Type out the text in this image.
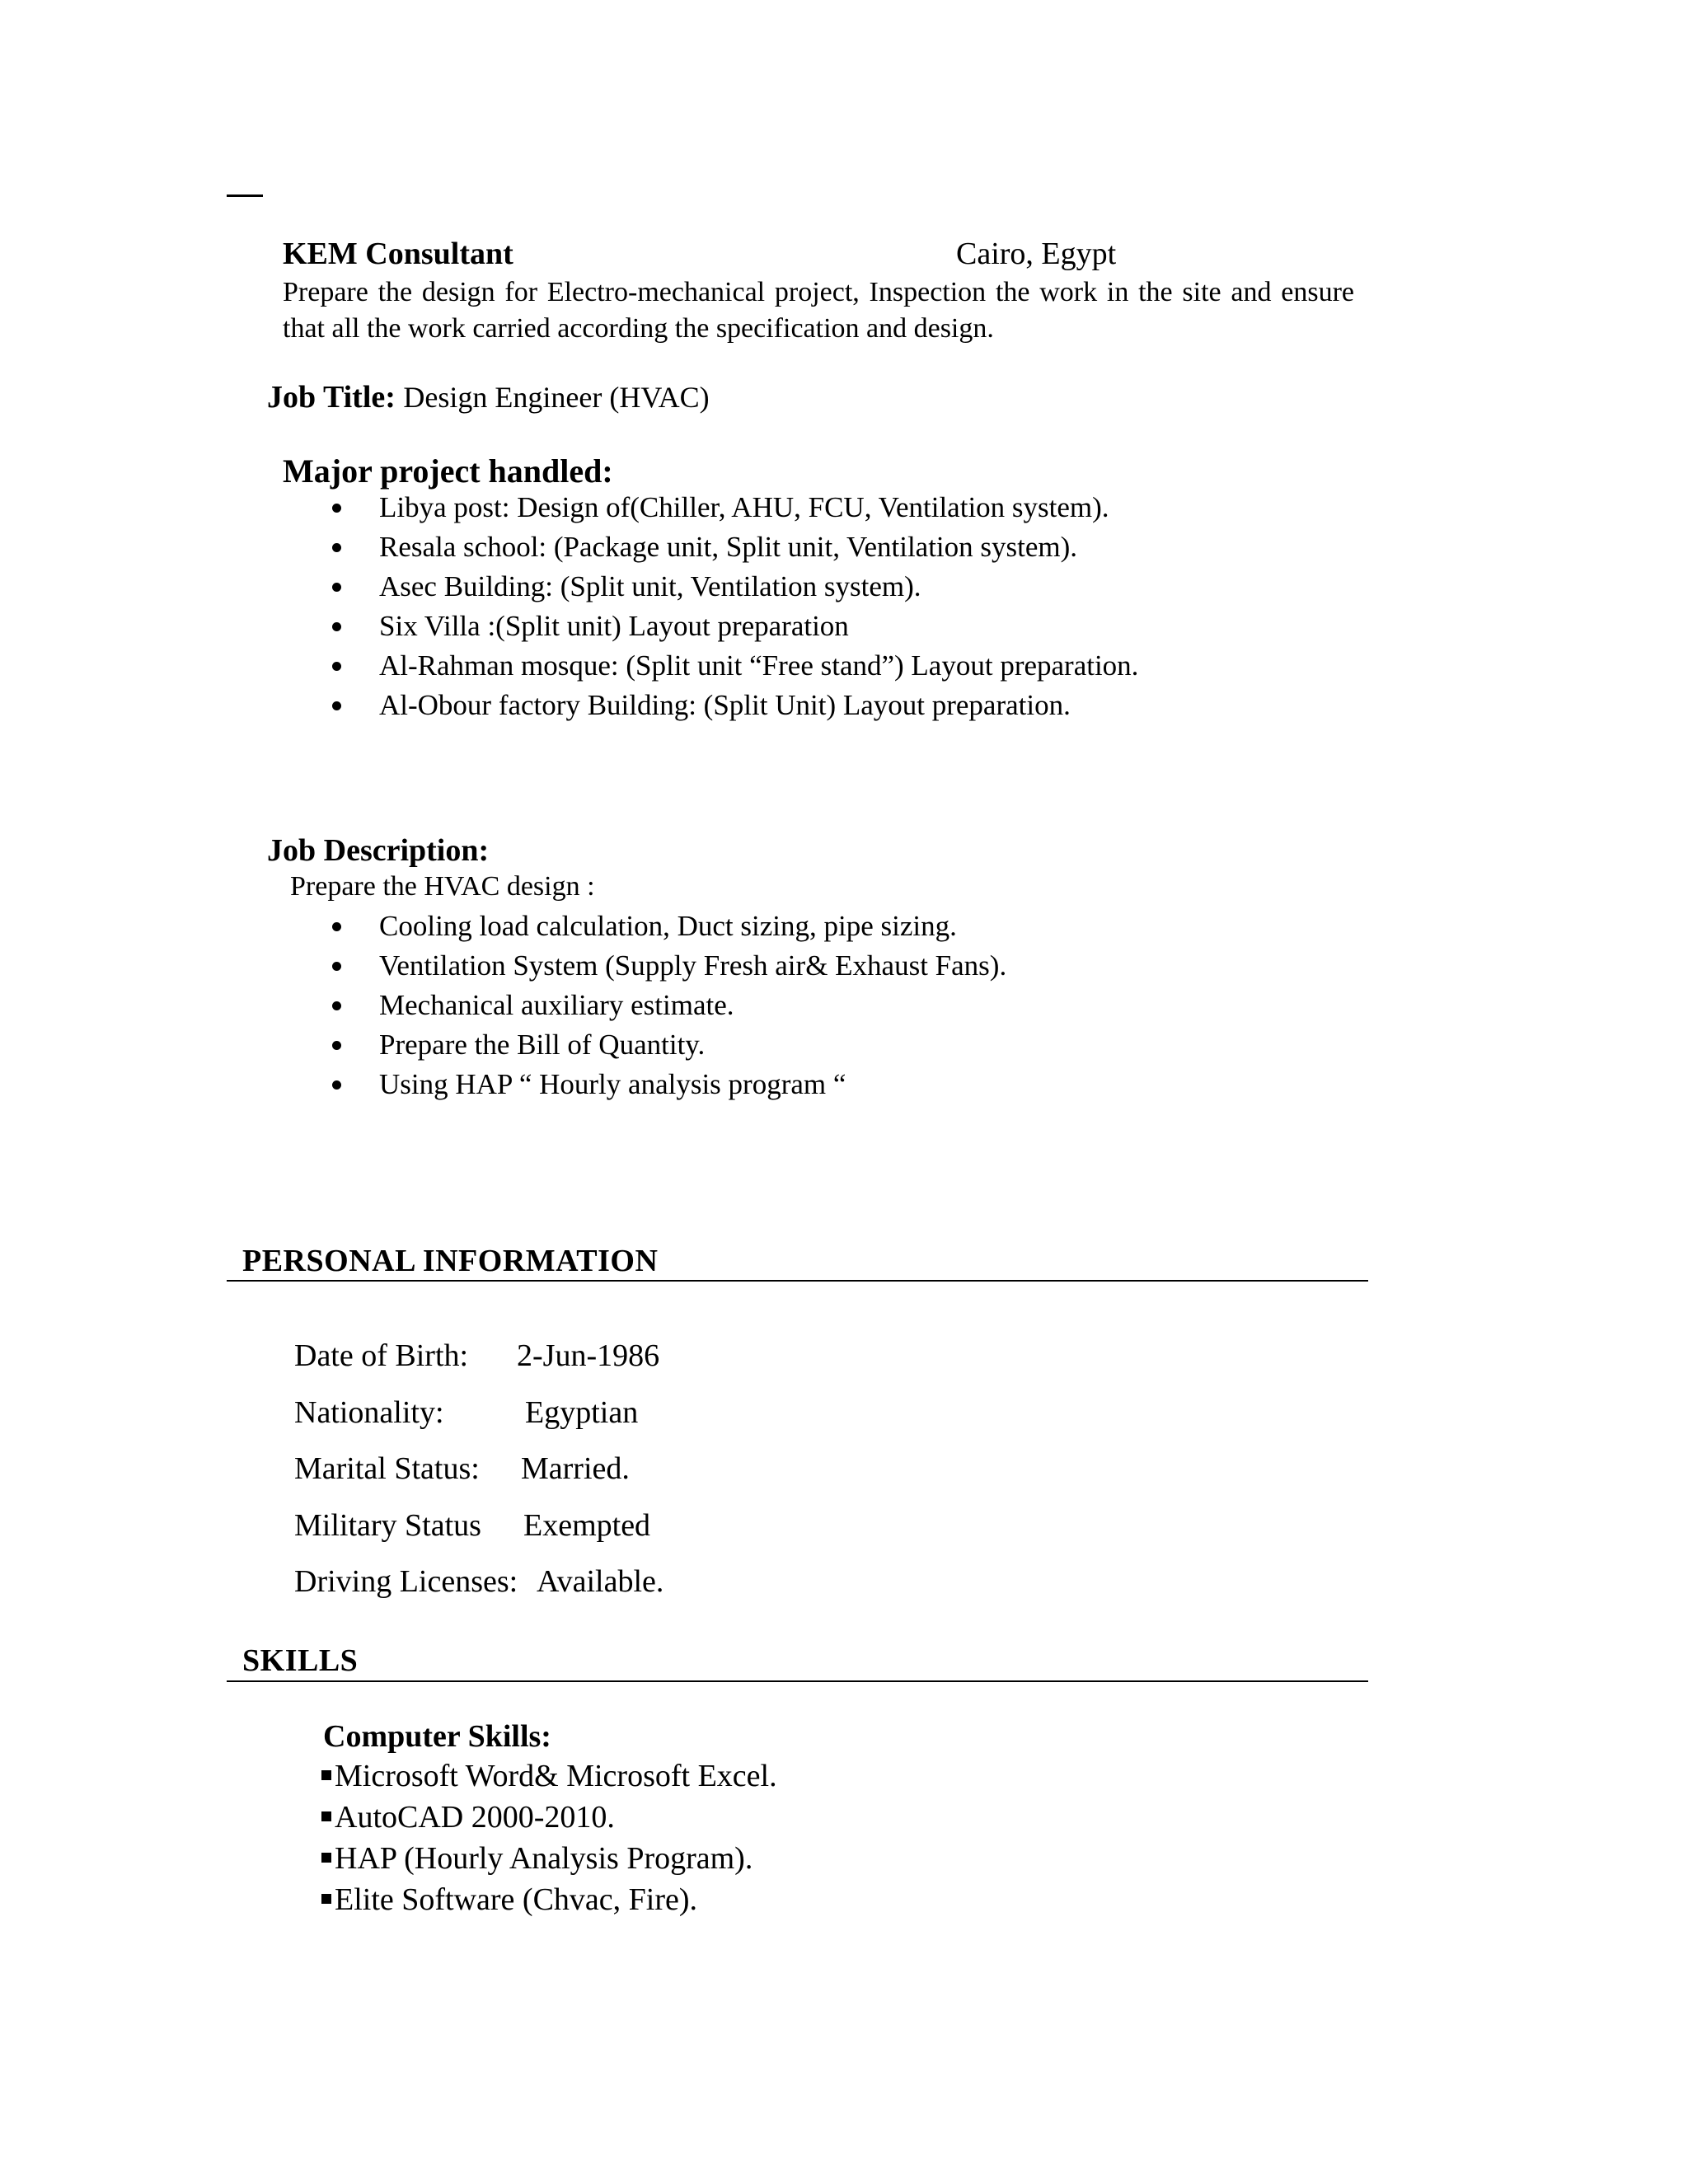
KEM Consultant	Cairo, Egypt
Prepare the design for Electro-mechanical project, Inspection the work in the site and ensure that all the work carried according the specification and design.
Job Title: Design Engineer (HVAC)
Major project handled:
Libya post: Design of(Chiller, AHU, FCU, Ventilation system).
Resala school: (Package unit, Split unit, Ventilation system).
Asec Building: (Split unit, Ventilation system).
Six Villa :(Split unit) Layout preparation
Al-Rahman mosque: (Split unit “Free stand”) Layout preparation.
Al-Obour factory Building: (Split Unit) Layout preparation.
Job Description:
Prepare the HVAC design :
Cooling load calculation, Duct sizing, pipe sizing.
Ventilation System (Supply Fresh air& Exhaust Fans).
Mechanical auxiliary estimate.
Prepare the Bill of Quantity.
Using HAP “ Hourly analysis program “
PERSONAL INFORMATION
Date of Birth: 2-Jun-1986
Nationality:	Egyptian
Marital Status: Married.
Military Status Exempted
Driving Licenses: Available.
SKILLS
Computer Skills:
Microsoft Word& Microsoft Excel.
AutoCAD 2000-2010.
HAP (Hourly Analysis Program).
Elite Software (Chvac, Fire).
